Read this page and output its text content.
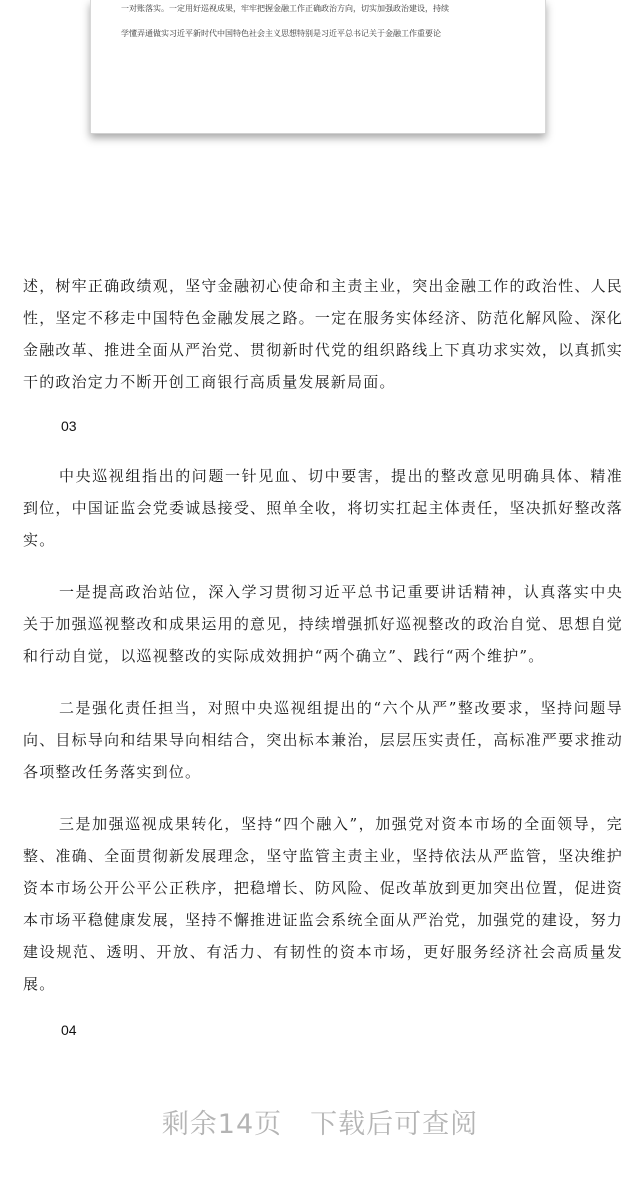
一对账落实。一定用好巡视成果，牢牢把握金融工作正确政治方向，切实加强政治建设，持续
学懂弄通做实习近平新时代中国特色社会主义思想特别是习近平总书记关于金融工作重要论

述，树牢正确政绩观，坚守金融初心使命和主责主业，突出金融工作的政治性、人民性，坚定不移走中国特色金融发展之路。一定在服务实体经济、防范化解风险、深化金融改革、推进全面从严治党、贯彻新时代党的组织路线上下真功求实效，以真抓实干的政治定力不断开创工商银行高质量发展新局面。

03

中央巡视组指出的问题一针见血、切中要害，提出的整改意见明确具体、精准到位，中国证监会党委诚恳接受、照单全收，将切实扛起主体责任，坚决抓好整改落实。

一是提高政治站位，深入学习贯彻习近平总书记重要讲话精神，认真落实中央关于加强巡视整改和成果运用的意见，持续增强抓好巡视整改的政治自觉、思想自觉和行动自觉，以巡视整改的实际成效拥护“两个确立”、践行“两个维护”。

二是强化责任担当，对照中央巡视组提出的“六个从严”整改要求，坚持问题导向、目标导向和结果导向相结合，突出标本兼治，层层压实责任，高标准严要求推动各项整改任务落实到位。

三是加强巡视成果转化，坚持“四个融入”，加强党对资本市场的全面领导，完整、准确、全面贯彻新发展理念，坚守监管主责主业，坚持依法从严监管，坚决维护资本市场公开公平公正秩序，把稳增长、防风险、促改革放到更加突出位置，促进资本市场平稳健康发展，坚持不懈推进证监会系统全面从严治党，加强党的建设，努力建设规范、透明、开放、有活力、有韧性的资本市场，更好服务经济社会高质量发展。

04
剩余14页 下载后可查阅
